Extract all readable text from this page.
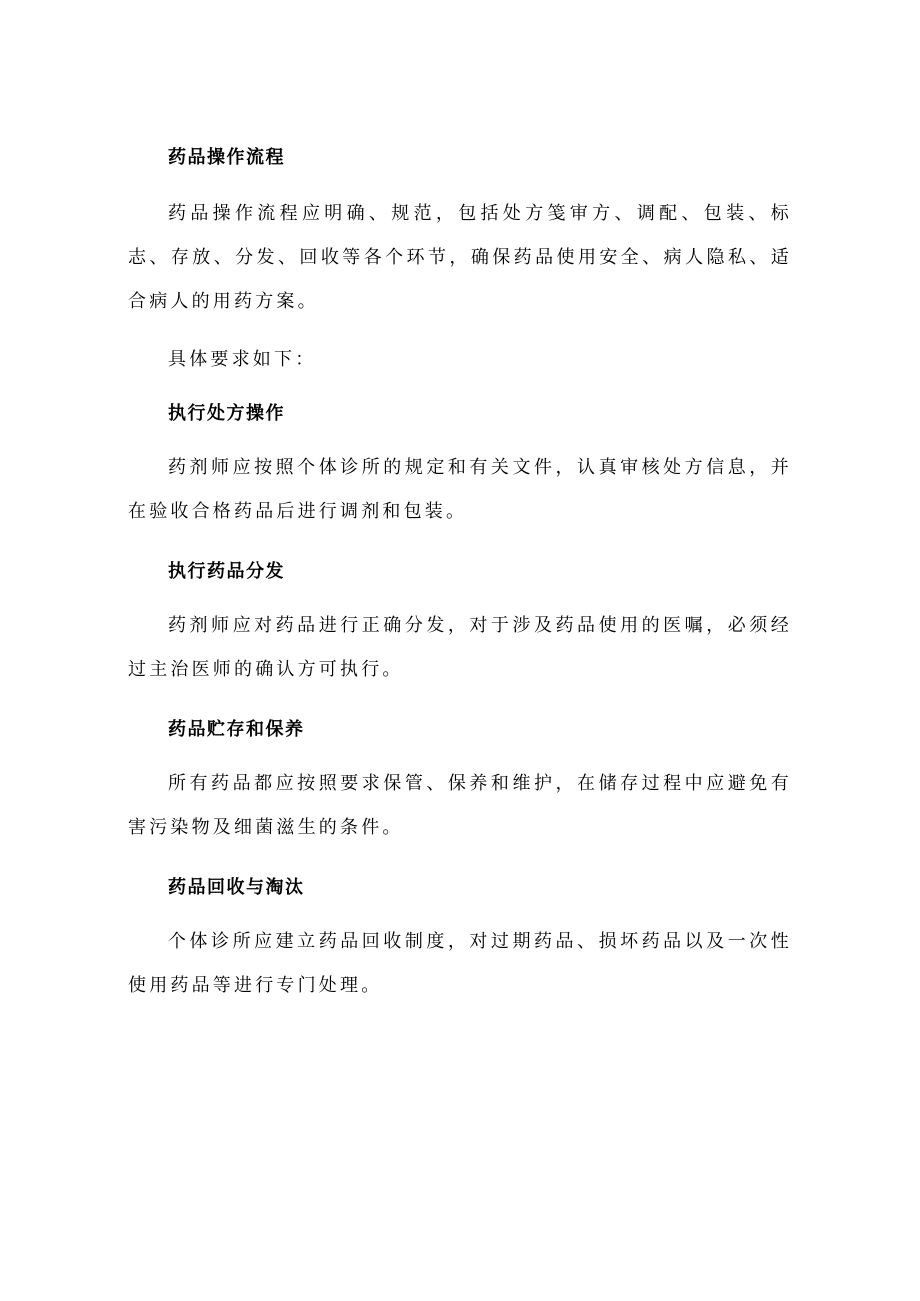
药品操作流程

药品操作流程应明确、规范，包括处方笺审方、调配、包装、标志、存放、分发、回收等各个环节，确保药品使用安全、病人隐私、适合病人的用药方案。

具体要求如下：

执行处方操作

药剂师应按照个体诊所的规定和有关文件，认真审核处方信息，并在验收合格药品后进行调剂和包装。

执行药品分发

药剂师应对药品进行正确分发，对于涉及药品使用的医嘱，必须经过主治医师的确认方可执行。

药品贮存和保养

所有药品都应按照要求保管、保养和维护，在储存过程中应避免有害污染物及细菌滋生的条件。

药品回收与淘汰

个体诊所应建立药品回收制度，对过期药品、损坏药品以及一次性使用药品等进行专门处理。
